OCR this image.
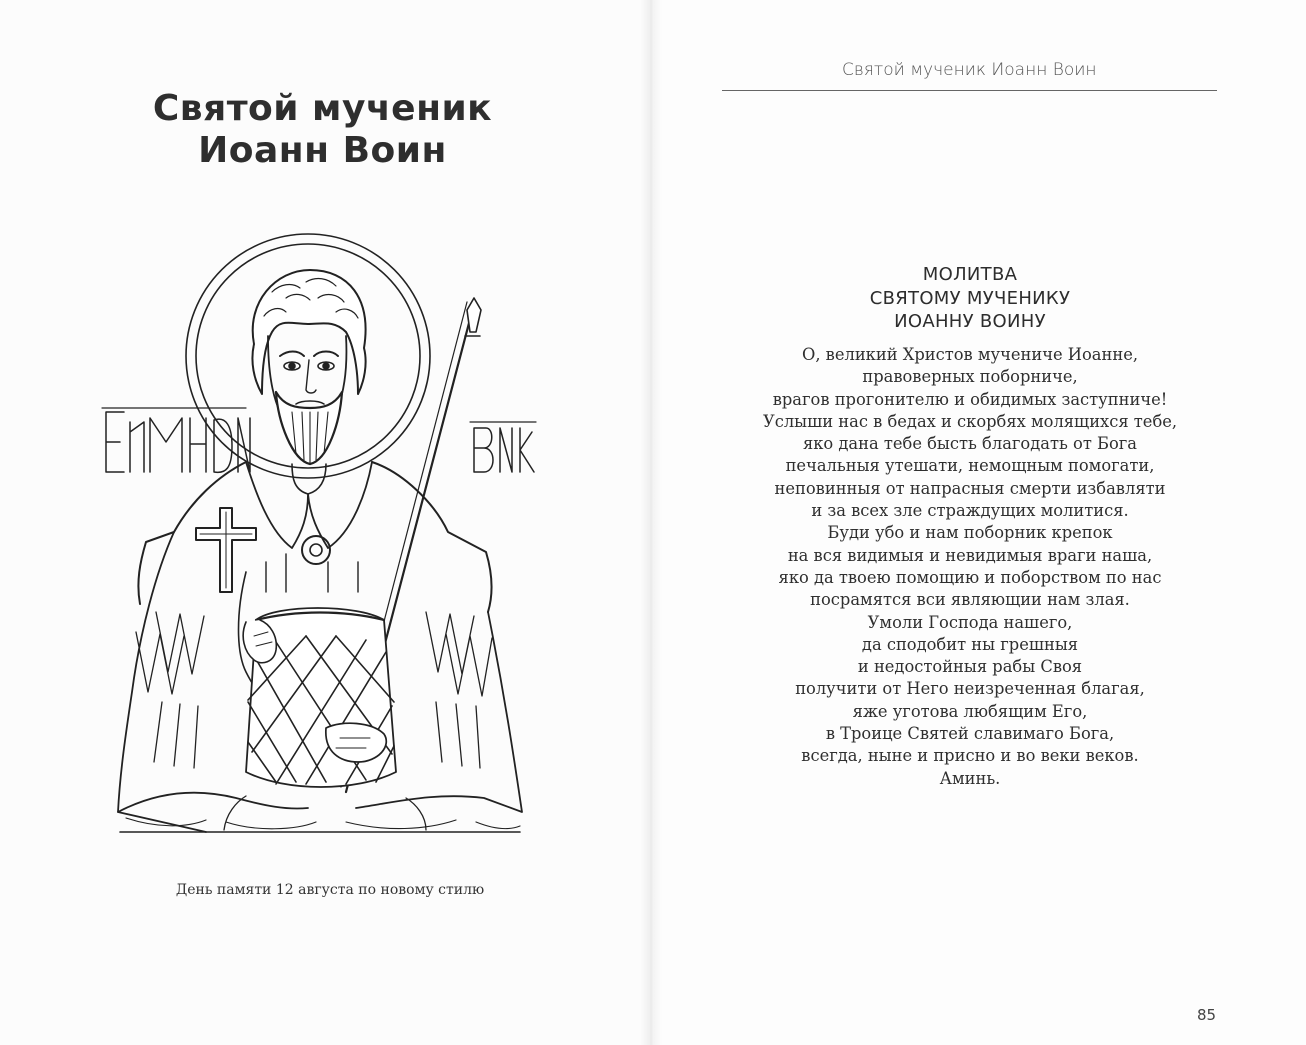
Святой мученик
Иоанн Воин
День памяти 12 августа по новому стилю
Святой мученик Иоанн Воин
МОЛИТВА
СВЯТОМУ МУЧЕНИКУ
ИОАННУ ВОИНУ
О, великий Христов мучениче Иоанне,
правоверных поборниче,
врагов прогонителю и обидимых заступниче!
Услыши нас в бедах и скорбях молящихся тебе,
яко дана тебе бысть благодать от Бога
печальныя утешати, немощным помогати,
неповинныя от напрасныя смерти избавляти
и за всех зле страждущих молитися.
Буди убо и нам поборник крепок
на вся видимыя и невидимыя враги наша,
яко да твоею помощию и поборством по нас
посрамятся вси являющии нам злая.
Умоли Господа нашего,
да сподобит ны грешныя
и недостойныя рабы Своя
получити от Него неизреченная благая,
яже уготова любящим Его,
в Троице Святей славимаго Бога,
всегда, ныне и присно и во веки веков.
Аминь.
85
